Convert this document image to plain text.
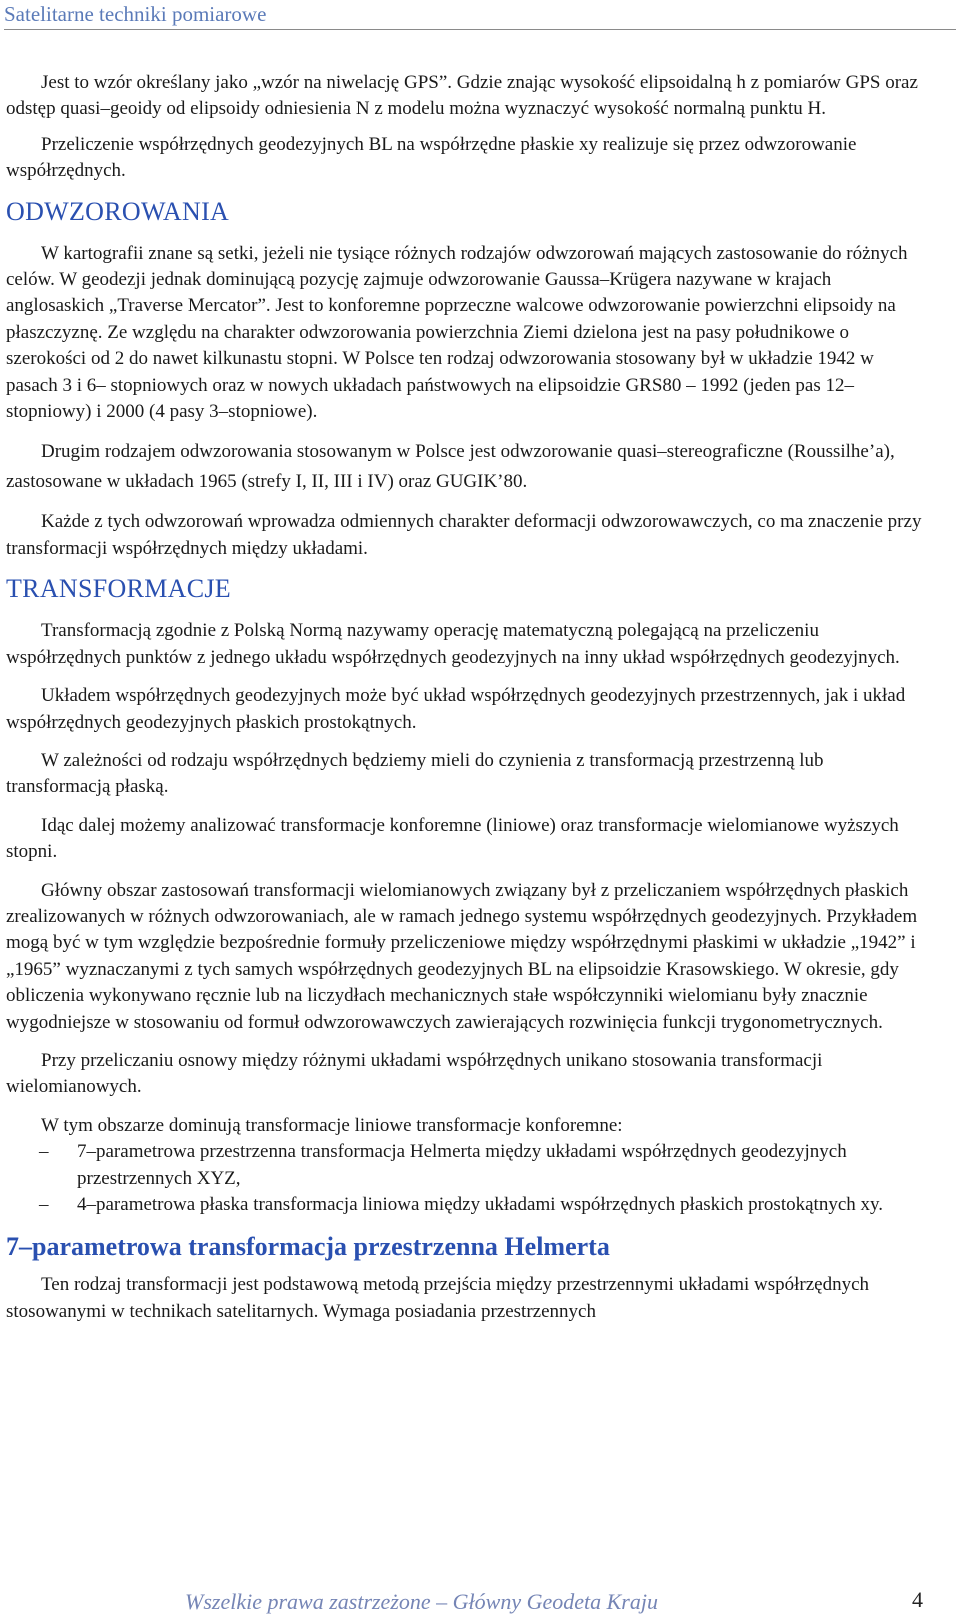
Satelitarne techniki pomiarowe

Jest to wzór określany jako „wzór na niwelację GPS”. Gdzie znając wysokość elipsoidalną h z pomiarów GPS oraz odstęp quasi–geoidy od elipsoidy odniesienia N z modelu można wyznaczyć wysokość normalną punktu H.

Przeliczenie współrzędnych geodezyjnych BL na współrzędne płaskie xy realizuje się przez odwzorowanie współrzędnych.

ODWZOROWANIA

W kartografii znane są setki, jeżeli nie tysiące różnych rodzajów odwzorowań mających zastosowanie do różnych celów. W geodezji jednak dominującą pozycję zajmuje odwzorowanie Gaussa–Krügera nazywane w krajach anglosaskich „Traverse Mercator”. Jest to konforemne poprzeczne walcowe odwzorowanie powierzchni elipsoidy na płaszczyznę. Ze względu na charakter odwzorowania powierzchnia Ziemi dzielona jest na pasy południkowe o szerokości od 2 do nawet kilkunastu stopni. W Polsce ten rodzaj odwzorowania stosowany był w układzie 1942 w pasach 3 i 6– stopniowych oraz w nowych układach państwowych na elipsoidzie GRS80 – 1992 (jeden pas 12– stopniowy) i 2000 (4 pasy 3–stopniowe).

Drugim rodzajem odwzorowania stosowanym w Polsce jest odwzorowanie quasi–stereograficzne (Roussilhe’a), zastosowane w układach 1965 (strefy I, II, III i IV) oraz GUGIK’80.

Każde z tych odwzorowań wprowadza odmiennych charakter deformacji odwzorowawczych, co ma znaczenie przy transformacji współrzędnych między układami.

TRANSFORMACJE

Transformacją zgodnie z Polską Normą nazywamy operację matematyczną polegającą na przeliczeniu współrzędnych punktów z jednego układu współrzędnych geodezyjnych na inny układ współrzędnych geodezyjnych.

Układem współrzędnych geodezyjnych może być układ współrzędnych geodezyjnych przestrzennych, jak i układ współrzędnych geodezyjnych płaskich prostokątnych.

W zależności od rodzaju współrzędnych będziemy mieli do czynienia z transformacją przestrzenną lub transformacją płaską.

Idąc dalej możemy analizować transformacje konforemne (liniowe) oraz transformacje wielomianowe wyższych stopni.

Główny obszar zastosowań transformacji wielomianowych związany był z przeliczaniem współrzędnych płaskich zrealizowanych w różnych odwzorowaniach, ale w ramach jednego systemu współrzędnych geodezyjnych. Przykładem mogą być w tym względzie bezpośrednie formuły przeliczeniowe między współrzędnymi płaskimi w układzie „1942” i „1965” wyznaczanymi z tych samych współrzędnych geodezyjnych BL na elipsoidzie Krasowskiego. W okresie, gdy obliczenia wykonywano ręcznie lub na liczydłach mechanicznych stałe współczynniki wielomianu były znacznie wygodniejsze w stosowaniu od formuł odwzorowawczych zawierających rozwinięcia funkcji trygonometrycznych.

Przy przeliczaniu osnowy między różnymi układami współrzędnych unikano stosowania transformacji wielomianowych.

W tym obszarze dominują transformacje liniowe transformacje konforemne:

– 7–parametrowa przestrzenna transformacja Helmerta między układami współrzędnych geodezyjnych przestrzennych XYZ,
– 4–parametrowa płaska transformacja liniowa między układami współrzędnych płaskich prostokątnych xy.
7–parametrowa transformacja przestrzenna Helmerta

Ten rodzaj transformacji jest podstawową metodą przejścia między przestrzennymi układami współrzędnych stosowanymi w technikach satelitarnych. Wymaga posiadania przestrzennych

Wszelkie prawa zastrzeżone – Główny Geodeta Kraju	4
